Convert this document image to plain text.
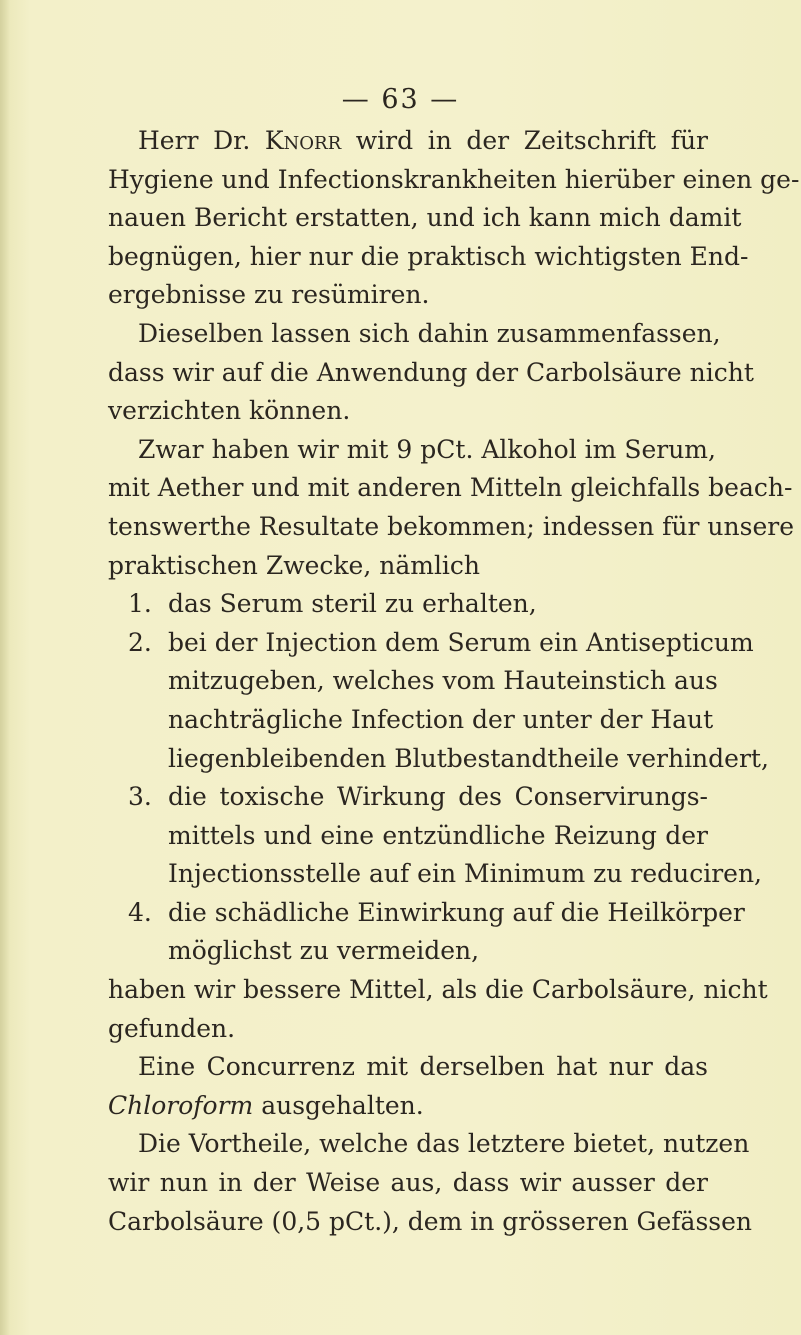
— 63 —
Herr Dr. Knorr wird in der Zeitschrift für
Hygiene und Infectionskrankheiten hierüber einen ge-
nauen Bericht erstatten, und ich kann mich damit
begnügen, hier nur die praktisch wichtigsten End-
ergebnisse zu resümiren.
Dieselben lassen sich dahin zusammenfassen,
dass wir auf die Anwendung der Carbolsäure nicht
verzichten können.
Zwar haben wir mit 9 pCt. Alkohol im Serum,
mit Aether und mit anderen Mitteln gleichfalls beach-
tenswerthe Resultate bekommen; indessen für unsere
praktischen Zwecke, nämlich
1. das Serum steril zu erhalten,
2. bei der Injection dem Serum ein Antisepticum
mitzugeben, welches vom Hauteinstich aus
nachträgliche Infection der unter der Haut
liegenbleibenden Blutbestandtheile verhindert,
3. die toxische Wirkung des Conservirungs-
mittels und eine entzündliche Reizung der
Injectionsstelle auf ein Minimum zu reduciren,
4. die schädliche Einwirkung auf die Heilkörper
möglichst zu vermeiden,
haben wir bessere Mittel, als die Carbolsäure, nicht
gefunden.
Eine Concurrenz mit derselben hat nur das
Chloroform ausgehalten.
Die Vortheile, welche das letztere bietet, nutzen
wir nun in der Weise aus, dass wir ausser der
Carbolsäure (0,5 pCt.), dem in grösseren Gefässen
